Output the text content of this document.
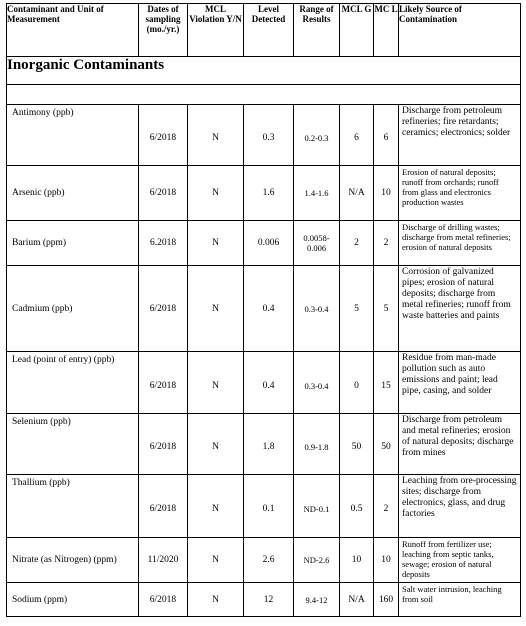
Contaminant and Unit of Measurement	Dates of sampling (mo./yr.)	MCL Violation Y/N	Level Detected	Range of Results	MCL G	MC L	Likely Source of Contamination
Inorganic Contaminants							

Antimony (ppb)	6/2018	N	0.3	0.2-0.3	6	6	Discharge from petroleum refineries; fire retardants; ceramics; electronics; solder
Arsenic (ppb)	6/2018	N	1.6	1.4-1.6	N/A	10	Erosion of natural deposits; runoff from orchards; runoff from glass and electronics production wastes
Barium (ppm)	6.2018	N	0.006	0.0058-0.006	2	2	Discharge of drilling wastes; discharge from metal refineries; erosion of natural deposits
Cadmium (ppb)	6/2018	N	0.4	0.3-0.4	5	5	Corrosion of galvanized pipes; erosion of natural deposits; discharge from metal refineries; runoff from waste batteries and paints
Lead (point of entry) (ppb)	6/2018	N	0.4	0.3-0.4	0	15	Residue from man-made pollution such as auto emissions and paint; lead pipe, casing, and solder
Selenium (ppb)	6/2018	N	1.8	0.9-1.8	50	50	Discharge from petroleum and metal refineries; erosion of natural deposits; discharge from mines
Thallium (ppb)	6/2018	N	0.1	ND-0.1	0.5	2	Leaching from ore-processing sites; discharge from electronics, glass, and drug factories
Nitrate (as Nitrogen) (ppm)	11/2020	N	2.6	ND-2.6	10	10	Runoff from fertilizer use; leaching from septic tanks, sewage; erosion of natural deposits
Sodium (ppm)	6/2018	N	12	9.4-12	N/A	160	Salt water intrusion, leaching from soil
